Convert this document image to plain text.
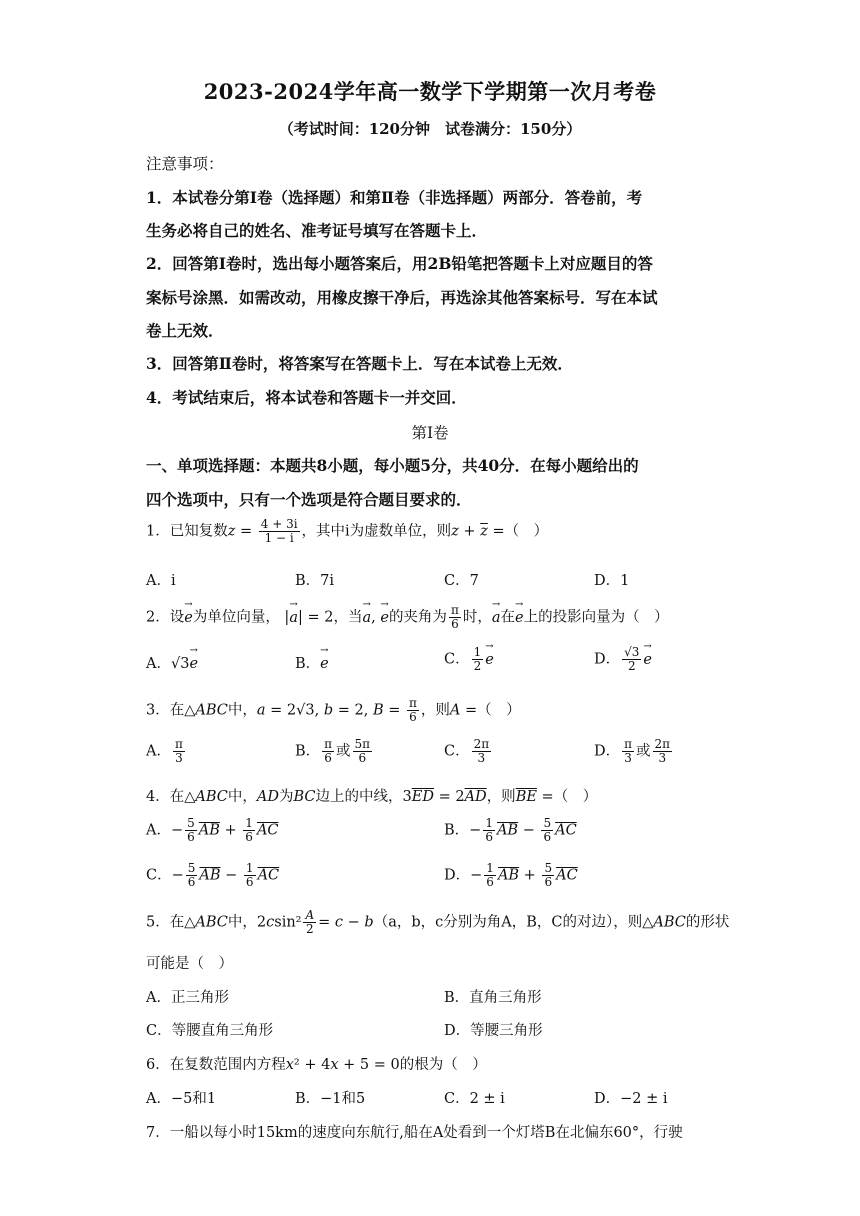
2023-2024学年高一数学下学期第一次月考卷
（考试时间：120分钟　试卷满分：150分）
注意事项：
1．本试卷分第Ⅰ卷（选择题）和第Ⅱ卷（非选择题）两部分．答卷前，考
生务必将自己的姓名、准考证号填写在答题卡上．
2．回答第Ⅰ卷时，选出每小题答案后，用2B铅笔把答题卡上对应题目的答
案标号涂黑．如需改动，用橡皮擦干净后，再选涂其他答案标号．写在本试
卷上无效．
3．回答第Ⅱ卷时，将答案写在答题卡上．写在本试卷上无效．
4．考试结束后，将本试卷和答题卡一并交回．
第Ⅰ卷
一、单项选择题：本题共8小题，每小题5分，共40分．在每小题给出的
四个选项中，只有一个选项是符合题目要求的．
1．已知复数$z = \frac{4 + 3i}{1 - i}$ ，其中i为虚数单位，则$z + \overline{z}$ =（　）
A．i	B．7i	C．7	D．1
2．设→ e为单位向量， |→ a| = 2，当→ a, → e的夹角为 $\frac{\pi}{6}$ 时，→ a在→ e上的投影向量为（　）
A．√3→ e	B．→ e	C． $\frac{1}{2} \to e$	D． $\frac{√3}{2} \to e$
3．在△ABC中，a = 2√3, b = 2, $B = \frac{\pi}{6}$ ，则A =（　）
A． $\frac{\pi}{3}$	B． $\frac{\pi}{6}$ 或 $\frac{5\pi}{6}$	C． $\frac{2\pi}{3}$	D． $\frac{\pi}{3}$ 或 $\frac{2\pi}{3}$
4．在△ABC中，AD为BC边上的中线，$3\overline{ED} = 2\overline{AD}$，则$\overline{BE}$ =（　）
A．− $\frac{5}{6} \overline{AB} + \frac{1}{6} \overline{AC}$	B．− $\frac{1}{6} \overline{AB} - \frac{5}{6} \overline{AC}$
C．− $\frac{5}{6} \overline{AB} - \frac{1}{6} \overline{AC}$	D．− $\frac{1}{6} \overline{AB} + \frac{5}{6} \overline{AC}$
5．在△ABC中，$2csin^2 \frac{A}{2} = c - b(a$，b，c分别为角A，B，C的对边），则△ABC的形状
可能是（　）
A．正三角形	B．直角三角形
C．等腰直角三角形	D．等腰三角形
6．在复数范围内方程x² + 4x + 5 = 0的根为（　）
A．−5和1	B．−1和5	C．2 ± i	D．−2 ± i
7．一船以每小时15km的速度向东航行,船在A处看到一个灯塔B在北偏东60°，行驶
